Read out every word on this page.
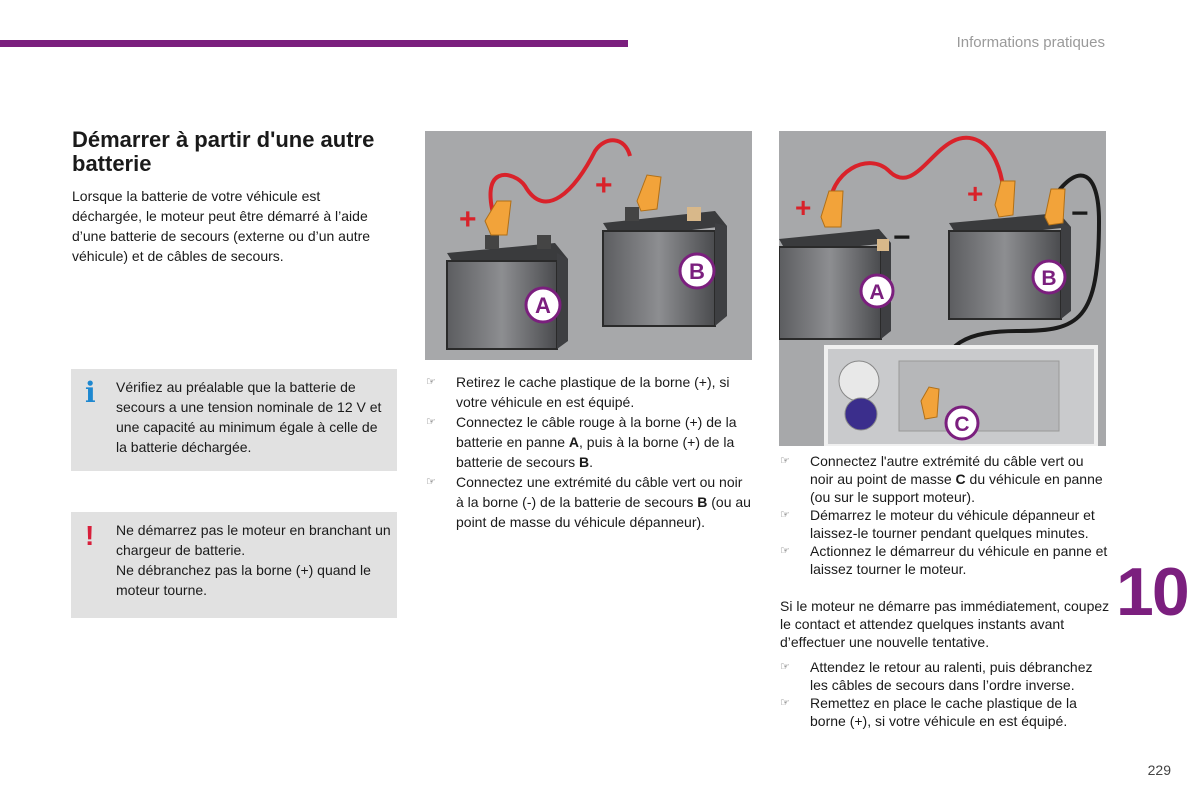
Informations pratiques
Démarrer à partir d'une autre batterie

Lorsque la batterie de votre véhicule est déchargée, le moteur peut être démarré à l’aide d’une batterie de secours (externe ou d’un autre véhicule) et de câbles de secours.

i Vérifiez au préalable que la batterie de secours a une tension nominale de 12 V et une capacité au minimum égale à celle de la batterie déchargée.

! Ne démarrez pas le moteur en branchant un chargeur de batterie.

Ne débranchez pas la borne (+) quand le moteur tourne.

+
+
A
B
+	+
−
−
A
B
C
☞ Retirez le cache plastique de la borne (+), si votre véhicule en est équipé.
☞ Connectez le câble rouge à la borne (+) de la batterie en panne A, puis à la borne (+) de la batterie de secours B.
☞ Connectez une extrémité du câble vert ou noir à la borne (-) de la batterie de secours B (ou au point de masse du véhicule dépanneur).
☞ Connectez l'autre extrémité du câble vert ou noir au point de masse C du véhicule en panne (ou sur le support moteur).
☞ Démarrez le moteur du véhicule dépanneur et laissez-le tourner pendant quelques minutes.
☞ Actionnez le démarreur du véhicule en panne et laissez tourner le moteur.

Si le moteur ne démarre pas immédiatement, coupez le contact et attendez quelques instants avant d’effectuer une nouvelle tentative.

☞ Attendez le retour au ralenti, puis débranchez les câbles de secours dans l’ordre inverse.
☞ Remettez en place le cache plastique de la borne (+), si votre véhicule en est équipé.
10
229
